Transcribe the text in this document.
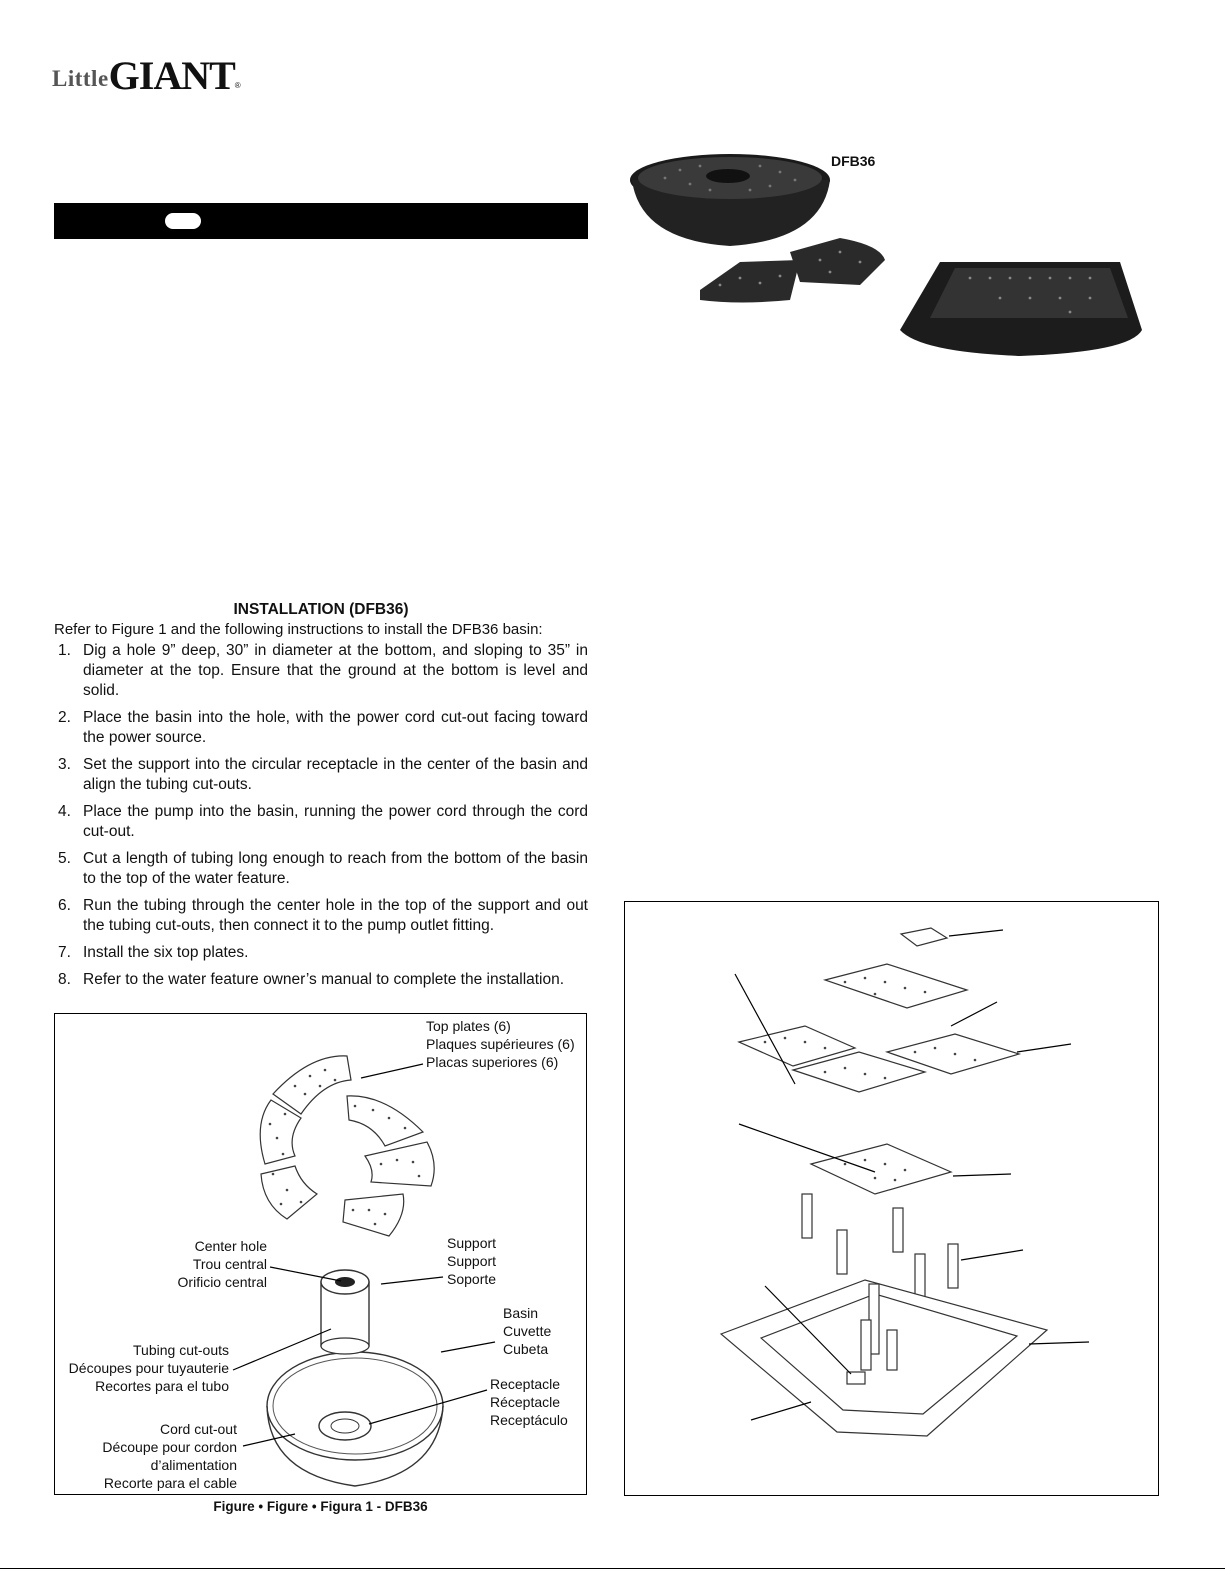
Little GIANT ®
DFB36
INSTALLATION (DFB36)
Refer to Figure 1 and the following instructions to install the DFB36 basin:
1. Dig a hole 9” deep, 30” in diameter at the bottom, and sloping to 35” in diameter at the top. Ensure that the ground at the bottom is level and solid.
2. Place the basin into the hole, with the power cord cut-out facing toward the power source.
3. Set the support into the circular receptacle in the center of the basin and align the tubing cut-outs.
4. Place the pump into the basin, running the power cord through the cord cut-out.
5. Cut a length of tubing long enough to reach from the bottom of the basin to the top of the water feature.
6. Run the tubing through the center hole in the top of the support and out the tubing cut-outs, then connect it to the pump outlet fitting.
7. Install the six top plates.
8. Refer to the water feature owner’s manual to complete the installation.
Top plates (6)
Plaques supérieures (6)
Placas superiores (6)
Center hole
Trou central
Orificio central
Support
Support
Soporte
Basin
Cuvette
Cubeta
Tubing cut-outs
Découpes pour tuyauterie
Recortes para el tubo	Receptacle
Réceptacle
Receptáculo
Cord cut-out
Découpe pour cordon
d’alimentation
Recorte para el cable
Figure • Figure • Figura 1 - DFB36
